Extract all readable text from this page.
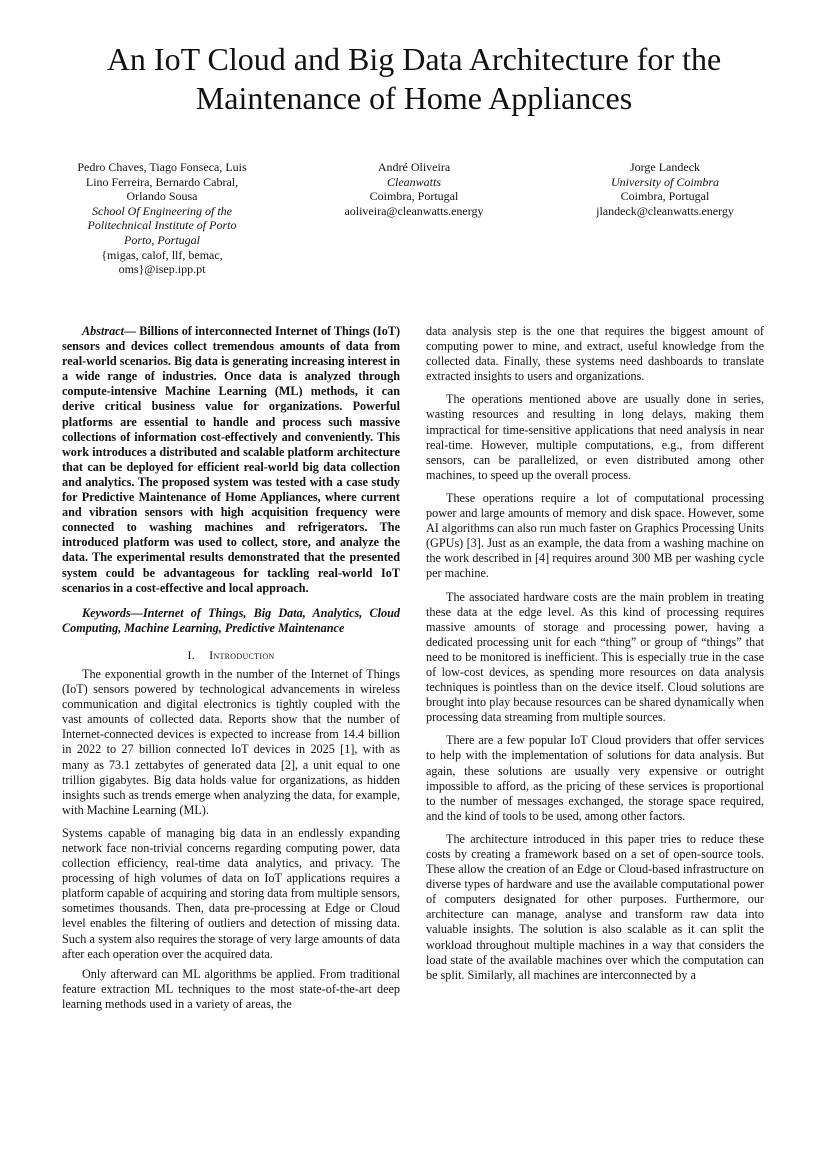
An IoT Cloud and Big Data Architecture for the
Maintenance of Home Appliances
Pedro Chaves, Tiago Fonseca, Luis
Lino Ferreira, Bernardo Cabral,
Orlando Sousa
School Of Engineering of the
Politechnical Institute of Porto
Porto, Portugal
{migas, calof, llf, bemac,
oms}@isep.ipp.pt
André Oliveira
Cleanwatts
Coimbra, Portugal
aoliveira@cleanwatts.energy
Jorge Landeck
University of Coimbra
Coimbra, Portugal
jlandeck@cleanwatts.energy

Abstract— Billions of interconnected Internet of Things (IoT) sensors and devices collect tremendous amounts of data from real-world scenarios. Big data is generating increasing interest in a wide range of industries. Once data is analyzed through compute-intensive Machine Learning (ML) methods, it can derive critical business value for organizations. Powerful platforms are essential to handle and process such massive collections of information cost-effectively and conveniently. This work introduces a distributed and scalable platform architecture that can be deployed for efficient real-world big data collection and analytics. The proposed system was tested with a case study for Predictive Maintenance of Home Appliances, where current and vibration sensors with high acquisition frequency were connected to washing machines and refrigerators. The introduced platform was used to collect, store, and analyze the data. The experimental results demonstrated that the presented system could be advantageous for tackling real-world IoT scenarios in a cost-effective and local approach.

Keywords—Internet of Things, Big Data, Analytics, Cloud Computing, Machine Learning, Predictive Maintenance

I. Introduction

The exponential growth in the number of the Internet of Things (IoT) sensors powered by technological advancements in wireless communication and digital electronics is tightly coupled with the vast amounts of collected data. Reports show that the number of Internet-connected devices is expected to increase from 14.4 billion in 2022 to 27 billion connected IoT devices in 2025 [1], with as many as 73.1 zettabytes of generated data [2], a unit equal to one trillion gigabytes. Big data holds value for organizations, as hidden insights such as trends emerge when analyzing the data, for example, with Machine Learning (ML).

Systems capable of managing big data in an endlessly expanding network face non-trivial concerns regarding computing power, data collection efficiency, real-time data analytics, and privacy. The processing of high volumes of data on IoT applications requires a platform capable of acquiring and storing data from multiple sensors, sometimes thousands. Then, data pre-processing at Edge or Cloud level enables the filtering of outliers and detection of missing data. Such a system also requires the storage of very large amounts of data after each operation over the acquired data.

Only afterward can ML algorithms be applied. From traditional feature extraction ML techniques to the most state-of-the-art deep learning methods used in a variety of areas, the

data analysis step is the one that requires the biggest amount of computing power to mine, and extract, useful knowledge from the collected data. Finally, these systems need dashboards to translate extracted insights to users and organizations.

The operations mentioned above are usually done in series, wasting resources and resulting in long delays, making them impractical for time-sensitive applications that need analysis in near real-time. However, multiple computations, e.g., from different sensors, can be parallelized, or even distributed among other machines, to speed up the overall process.

These operations require a lot of computational processing power and large amounts of memory and disk space. However, some AI algorithms can also run much faster on Graphics Processing Units (GPUs) [3]. Just as an example, the data from a washing machine on the work described in [4] requires around 300 MB per washing cycle per machine.

The associated hardware costs are the main problem in treating these data at the edge level. As this kind of processing requires massive amounts of storage and processing power, having a dedicated processing unit for each “thing” or group of “things” that need to be monitored is inefficient. This is especially true in the case of low-cost devices, as spending more resources on data analysis techniques is pointless than on the device itself. Cloud solutions are brought into play because resources can be shared dynamically when processing data streaming from multiple sources.

There are a few popular IoT Cloud providers that offer services to help with the implementation of solutions for data analysis. But again, these solutions are usually very expensive or outright impossible to afford, as the pricing of these services is proportional to the number of messages exchanged, the storage space required, and the kind of tools to be used, among other factors.

The architecture introduced in this paper tries to reduce these costs by creating a framework based on a set of open-source tools. These allow the creation of an Edge or Cloud-based infrastructure on diverse types of hardware and use the available computational power of computers designated for other purposes. Furthermore, our architecture can manage, analyse and transform raw data into valuable insights. The solution is also scalable as it can split the workload throughout multiple machines in a way that considers the load state of the available machines over which the computation can be split. Similarly, all machines are interconnected by a
